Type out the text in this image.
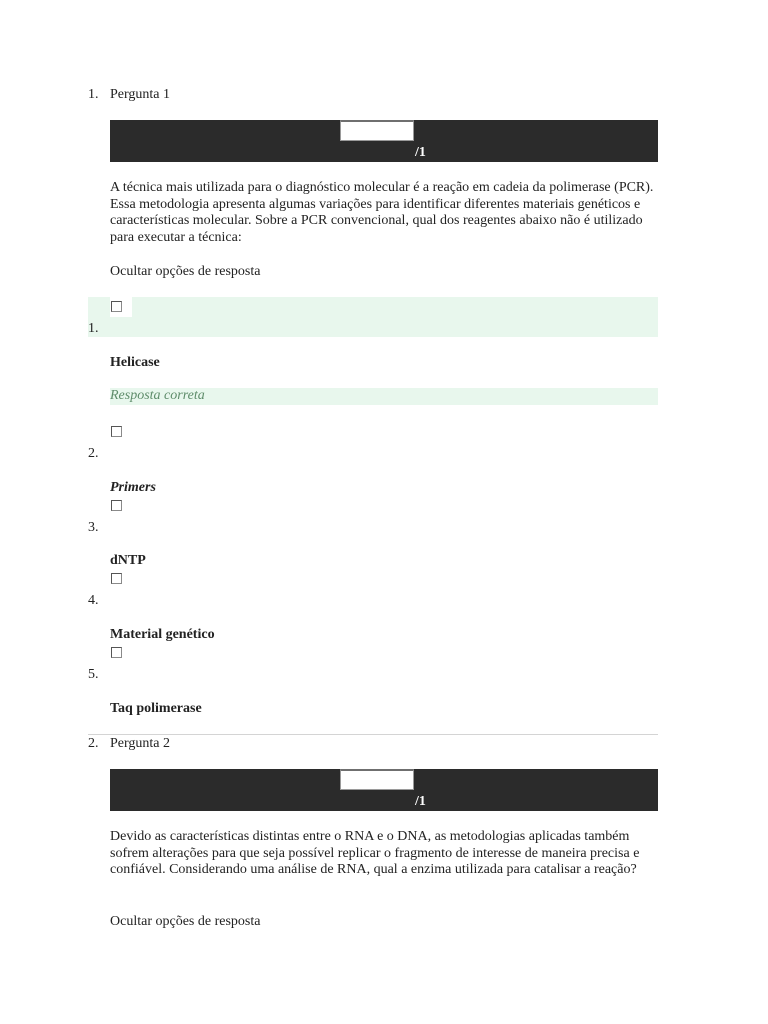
1. Pergunta 1
/1
A técnica mais utilizada para o diagnóstico molecular é a reação em cadeia da polimerase (PCR). Essa metodologia apresenta algumas variações para identificar diferentes materiais genéticos e características molecular. Sobre a PCR convencional, qual dos reagentes abaixo não é utilizado para executar a técnica:
Ocultar opções de resposta
1.
Helicase
Resposta correta
2.
Primers
3.
dNTP
4.
Material genético
5.
Taq polimerase
2. Pergunta 2
/1
Devido as características distintas entre o RNA e o DNA, as metodologias aplicadas também sofrem alterações para que seja possível replicar o fragmento de interesse de maneira precisa e confiável. Considerando uma análise de RNA, qual a enzima utilizada para catalisar a reação?
Ocultar opções de resposta
